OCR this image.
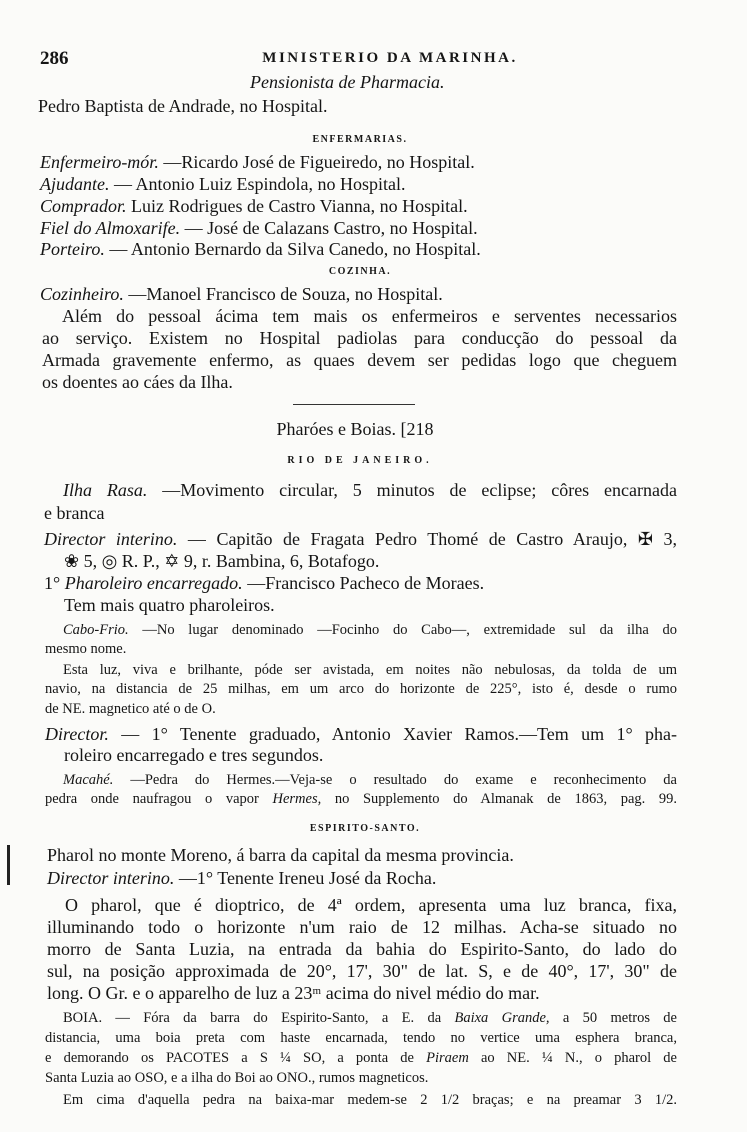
286	MINISTERIO DA MARINHA.
Pensionista de Pharmacia.
Pedro Baptista de Andrade, no Hospital.
ENFERMARIAS.
Enfermeiro-mór. —Ricardo José de Figueiredo, no Hospital.
Ajudante. — Antonio Luiz Espindola, no Hospital.
Comprador. Luiz Rodrigues de Castro Vianna, no Hospital.
Fiel do Almoxarife. — José de Calazans Castro, no Hospital.
Porteiro. — Antonio Bernardo da Silva Canedo, no Hospital.
COZINHA.
Cozinheiro. —Manoel Francisco de Souza, no Hospital.
Além do pessoal ácima tem mais os enfermeiros e serventes necessarios
ao serviço. Existem no Hospital padiolas para conducção do pessoal da
Armada gravemente enfermo, as quaes devem ser pedidas logo que cheguem
os doentes ao cáes da Ilha.
Pharóes e Boias. [218
RIO DE JANEIRO.
Ilha Rasa. —Movimento circular, 5 minutos de eclipse; côres encarnada
e branca
Director interino. — Capitão de Fragata Pedro Thomé de Castro Araujo, ✠ 3,
❀ 5, ◎ R. P., ✡ 9, r. Bambina, 6, Botafogo.
1° Pharoleiro encarregado. —Francisco Pacheco de Moraes.
Tem mais quatro pharoleiros.
Cabo-Frio. —No lugar denominado —Focinho do Cabo—, extremidade sul da ilha do
mesmo nome.
Esta luz, viva e brilhante, póde ser avistada, em noites não nebulosas, da tolda de um
navio, na distancia de 25 milhas, em um arco do horizonte de 225°, isto é, desde o rumo
de NE. magnetico até o de O.
Director. — 1° Tenente graduado, Antonio Xavier Ramos.—Tem um 1° pha-
roleiro encarregado e tres segundos.
Macahé. —Pedra do Hermes.—Veja-se o resultado do exame e reconhecimento da
pedra onde naufragou o vapor Hermes, no Supplemento do Almanak de 1863, pag. 99.
ESPIRITO-SANTO.
Pharol no monte Moreno, á barra da capital da mesma provincia.
Director interino. —1° Tenente Ireneu José da Rocha.
O pharol, que é dioptrico, de 4ª ordem, apresenta uma luz branca, fixa,
illuminando todo o horizonte n'um raio de 12 milhas. Acha-se situado no
morro de Santa Luzia, na entrada da bahia do Espirito-Santo, do lado do
sul, na posição approximada de 20°, 17', 30" de lat. S, e de 40°, 17', 30" de
long. O Gr. e o apparelho de luz a 23ᵐ acima do nivel médio do mar.
BOIA. — Fóra da barra do Espirito-Santo, a E. da Baixa Grande, a 50 metros de
distancia, uma boia preta com haste encarnada, tendo no vertice uma esphera branca,
e demorando os PACOTES a S ¼ SO, a ponta de Piraem ao NE. ¼ N., o pharol de
Santa Luzia ao OSO, e a ilha do Boi ao ONO., rumos magneticos.
Em cima d'aquella pedra na baixa-mar medem-se 2 1/2 braças; e na preamar 3 1/2.
